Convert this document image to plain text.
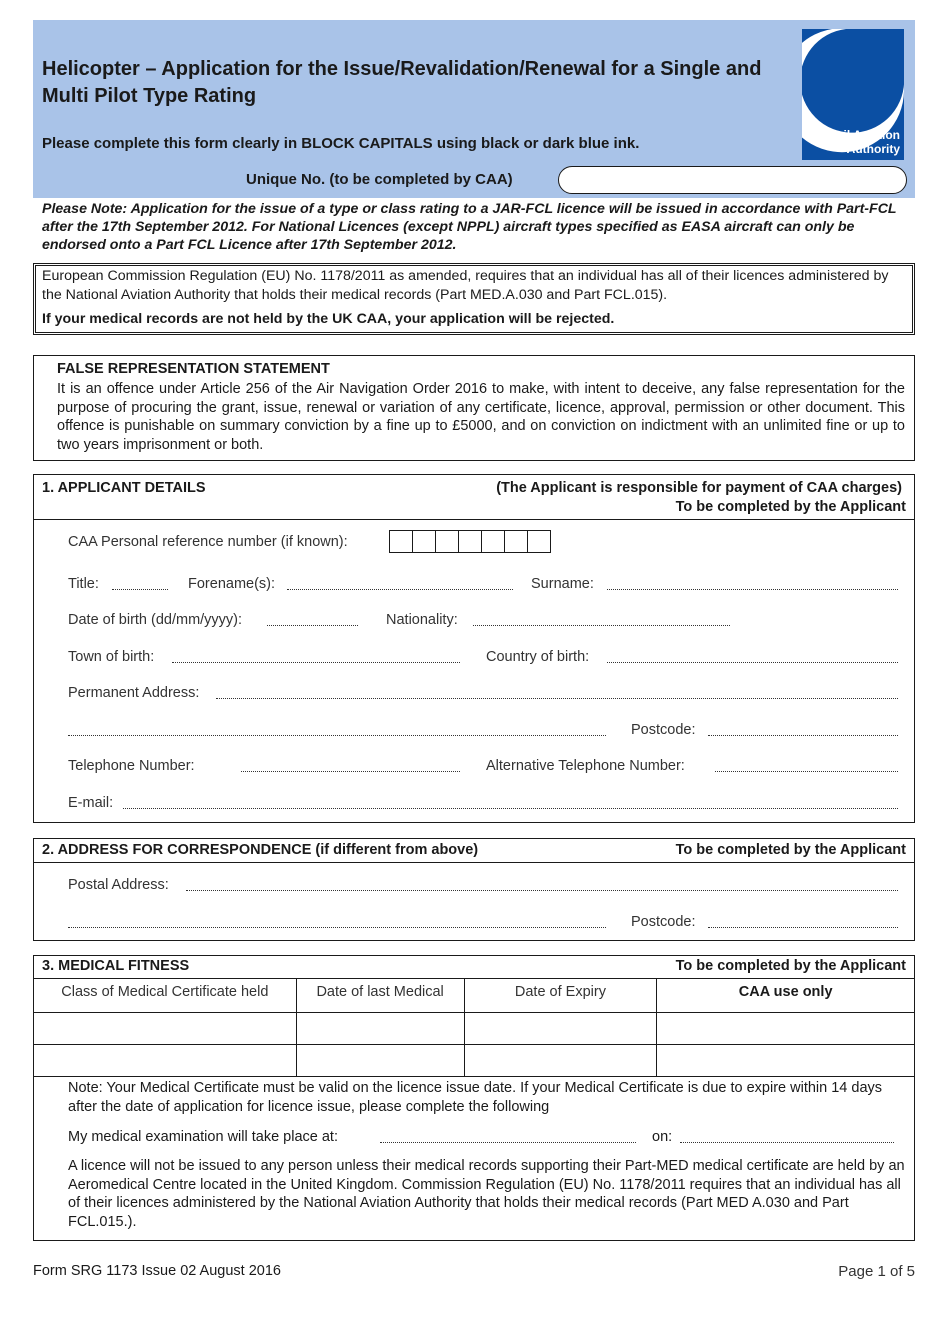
Helicopter – Application for the Issue/Revalidation/Renewal for a Single and Multi Pilot Type Rating
Please complete this form clearly in BLOCK CAPITALS using black or dark blue ink.
Unique No. (to be completed by CAA)
Civil Aviation Authority
Please Note: Application for the issue of a type or class rating to a JAR-FCL licence will be issued in accordance with Part-FCL after the 17th September 2012. For National Licences (except NPPL) aircraft types specified as EASA aircraft can only be endorsed onto a Part FCL Licence after 17th September 2012.
European Commission Regulation (EU) No. 1178/2011 as amended, requires that an individual has all of their licences administered by the National Aviation Authority that holds their medical records (Part MED.A.030 and Part FCL.015).
If your medical records are not held by the UK CAA, your application will be rejected.
FALSE REPRESENTATION STATEMENT
It is an offence under Article 256 of the Air Navigation Order 2016 to make, with intent to deceive, any false representation for the purpose of procuring the grant, issue, renewal or variation of any certificate, licence, approval, permission or other document. This offence is punishable on summary conviction by a fine up to £5000, and on conviction on indictment with an unlimited fine or up to two years imprisonment or both.
1. APPLICANT DETAILS	(The Applicant is responsible for payment of CAA charges)
To be completed by the Applicant
CAA Personal reference number (if known):
Title:	Forename(s):	Surname:
Date of birth (dd/mm/yyyy):	Nationality:
Town of birth:	Country of birth:
Permanent Address:
Postcode:
Telephone Number:	Alternative Telephone Number:
E-mail:
2. ADDRESS FOR CORRESPONDENCE (if different from above)	To be completed by the Applicant
Postal Address:
Postcode:
3. MEDICAL FITNESS	To be completed by the Applicant
Class of Medical Certificate held	Date of last Medical	Date of Expiry	CAA use only

Note: Your Medical Certificate must be valid on the licence issue date. If your Medical Certificate is due to expire within 14 days after the date of application for licence issue, please complete the following
My medical examination will take place at:	on:
A licence will not be issued to any person unless their medical records supporting their Part-MED medical certificate are held by an Aeromedical Centre located in the United Kingdom. Commission Regulation (EU) No. 1178/2011 requires that an individual has all of their licences administered by the National Aviation Authority that holds their medical records (Part MED A.030 and Part FCL.015.).
Form SRG 1173 Issue 02 August 2016	Page 1 of 5
